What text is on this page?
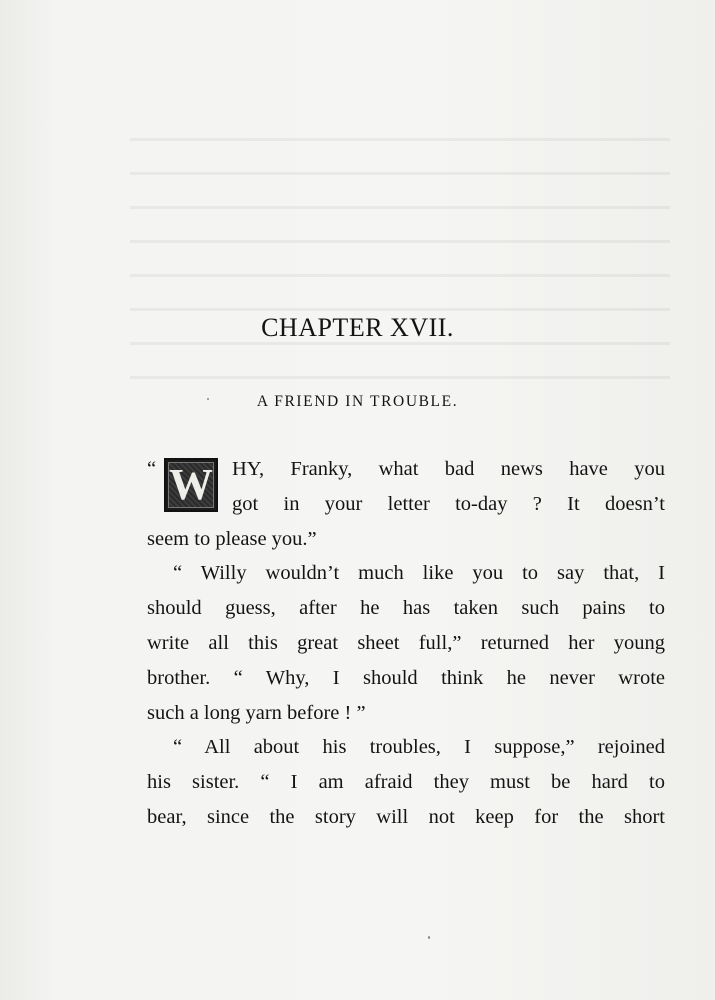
CHAPTER XVII.
A FRIEND IN TROUBLE.
“ W HY, Franky, what bad news have you
got in your letter to-day ? It doesn’t
seem to please you.”
“ Willy wouldn’t much like you to say that, I
should guess, after he has taken such pains to
write all this great sheet full,” returned her young
brother. “ Why, I should think he never wrote
such a long yarn before ! ”
“ All about his troubles, I suppose,” rejoined
his sister. “ I am afraid they must be hard to
bear, since the story will not keep for the short
